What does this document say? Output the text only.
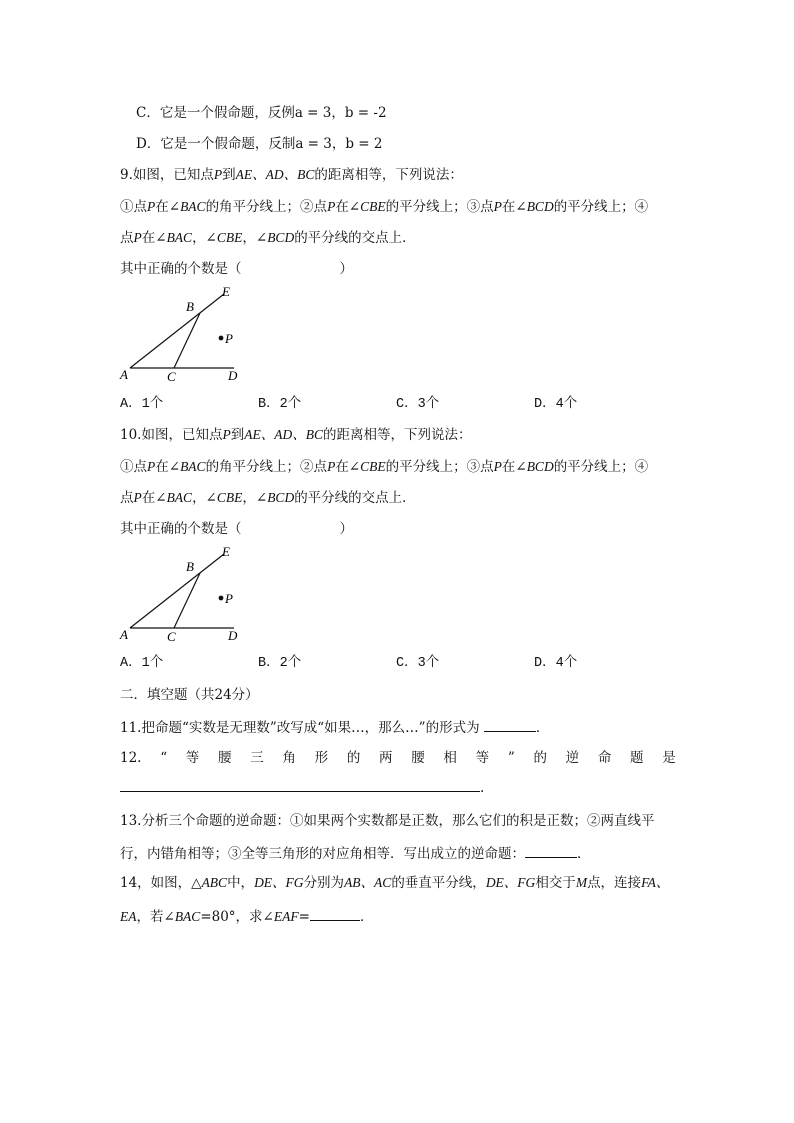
C．它是一个假命题，反例a = 3，b = -2
D．它是一个假命题，反制a = 3，b = 2
9.如图，已知点P到AE、AD、BC的距离相等，下列说法：
①点P在∠BAC的角平分线上；②点P在∠CBE的平分线上；③点P在∠BCD的平分线上；④
点P在∠BAC，∠CBE，∠BCD的平分线的交点上．
其中正确的个数是（	）
A
B
C	D
E
P
A．1个	B．2个	C．3个	D．4个
10.如图，已知点P到AE、AD、BC的距离相等，下列说法：
①点P在∠BAC的角平分线上；②点P在∠CBE的平分线上；③点P在∠BCD的平分线上；④
点P在∠BAC，∠CBE，∠BCD的平分线的交点上．
其中正确的个数是（	）
A
B
C	D
E
P
A．1个	B．2个	C．3个	D．4个
二．填空题（共24分）
11.把命题“实数是无理数”改写成“如果…，那么…”的形式为	．
12. “ 等 腰 三 角 形 的 两 腰 相 等 ” 的 逆 命 题 是
.
13.分析三个命题的逆命题：①如果两个实数都是正数，那么它们的积是正数；②两直线平
行，内错角相等；③全等三角形的对应角相等．写出成立的逆命题：	．
14，如图，△ABC中，DE、FG分别为AB、AC的垂直平分线，DE、FG相交于M点，连接FA、
EA，若∠BAC=80°，求∠EAF=	．
